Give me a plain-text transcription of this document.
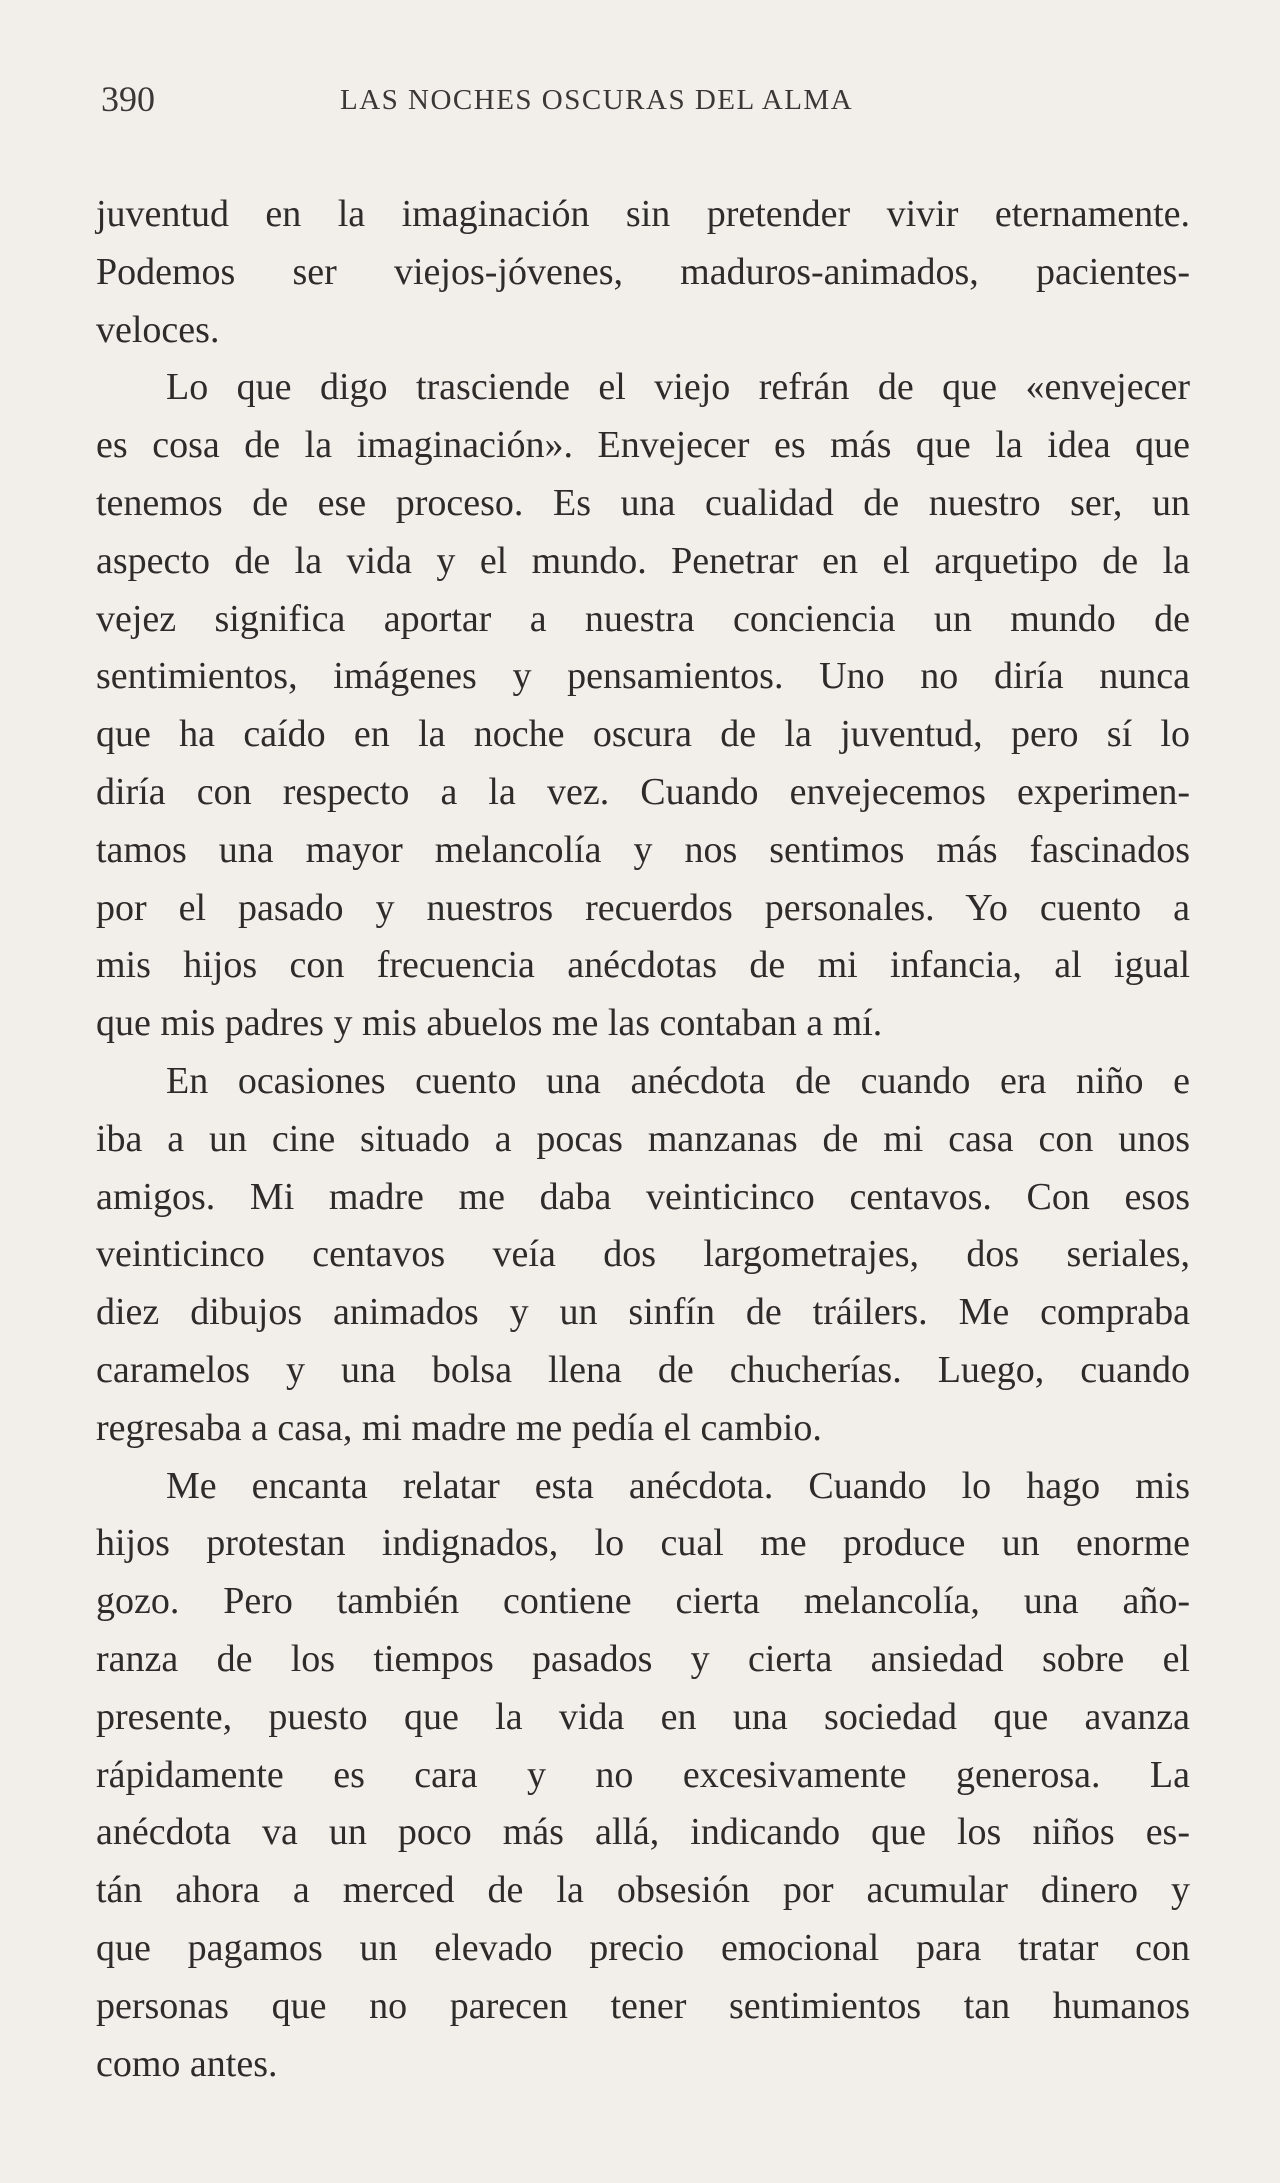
390	LAS NOCHES OSCURAS DEL ALMA

juventud en la imaginación sin pretender vivir eternamente.
Podemos ser viejos-jóvenes, maduros-animados, pacientes-
veloces.

Lo que digo trasciende el viejo refrán de que «envejecer
es cosa de la imaginación». Envejecer es más que la idea que
tenemos de ese proceso. Es una cualidad de nuestro ser, un
aspecto de la vida y el mundo. Penetrar en el arquetipo de la
vejez significa aportar a nuestra conciencia un mundo de
sentimientos, imágenes y pensamientos. Uno no diría nunca
que ha caído en la noche oscura de la juventud, pero sí lo
diría con respecto a la vez. Cuando envejecemos experimen-
tamos una mayor melancolía y nos sentimos más fascinados
por el pasado y nuestros recuerdos personales. Yo cuento a
mis hijos con frecuencia anécdotas de mi infancia, al igual
que mis padres y mis abuelos me las contaban a mí.

En ocasiones cuento una anécdota de cuando era niño e
iba a un cine situado a pocas manzanas de mi casa con unos
amigos. Mi madre me daba veinticinco centavos. Con esos
veinticinco centavos veía dos largometrajes, dos seriales,
diez dibujos animados y un sinfín de tráilers. Me compraba
caramelos y una bolsa llena de chucherías. Luego, cuando
regresaba a casa, mi madre me pedía el cambio.

Me encanta relatar esta anécdota. Cuando lo hago mis
hijos protestan indignados, lo cual me produce un enorme
gozo. Pero también contiene cierta melancolía, una año-
ranza de los tiempos pasados y cierta ansiedad sobre el
presente, puesto que la vida en una sociedad que avanza
rápidamente es cara y no excesivamente generosa. La
anécdota va un poco más allá, indicando que los niños es-
tán ahora a merced de la obsesión por acumular dinero y
que pagamos un elevado precio emocional para tratar con
personas que no parecen tener sentimientos tan humanos
como antes.
